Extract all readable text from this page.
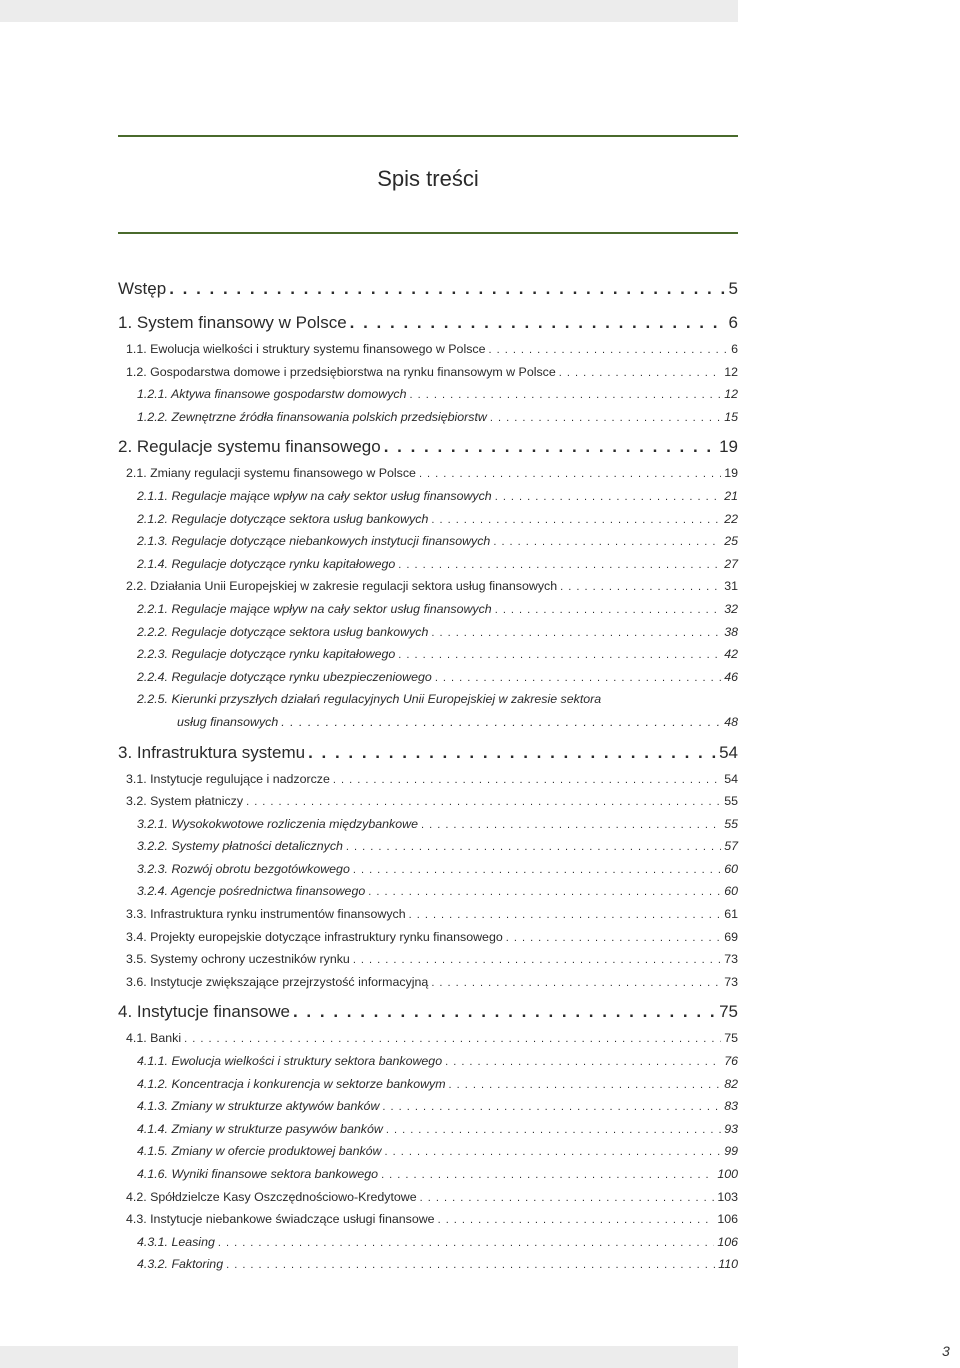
Spis treści
Wstęp . . .	5
1. System finansowy w Polsce . . .	6
1.1. Ewolucja wielkości i struktury systemu finansowego w Polsce . . .	6
1.2. Gospodarstwa domowe i przedsiębiorstwa na rynku finansowym w Polsce . . .	12
1.2.1. Aktywa finansowe gospodarstw domowych . . .	12
1.2.2. Zewnętrzne źródła finansowania polskich przedsiębiorstw . . .	15
2. Regulacje systemu finansowego . . .	19
2.1. Zmiany regulacji systemu finansowego w Polsce . . .	19
2.1.1. Regulacje mające wpływ na cały sektor usług finansowych . . .	21
2.1.2. Regulacje dotyczące sektora usług bankowych . . .	22
2.1.3. Regulacje dotyczące niebankowych instytucji finansowych . . .	25
2.1.4. Regulacje dotyczące rynku kapitałowego . . .	27
2.2. Działania Unii Europejskiej w zakresie regulacji sektora usług finansowych . . .	31
2.2.1. Regulacje mające wpływ na cały sektor usług finansowych . . .	32
2.2.2. Regulacje dotyczące sektora usług bankowych . . .	38
2.2.3. Regulacje dotyczące rynku kapitałowego . . .	42
2.2.4. Regulacje dotyczące rynku ubezpieczeniowego . . .	46
2.2.5. Kierunki przyszłych działań regulacyjnych Unii Europejskiej w zakresie sektora
usług finansowych . . .	48
3. Infrastruktura systemu . . .	54
3.1. Instytucje regulujące i nadzorcze . . .	54
3.2. System płatniczy . . .	55
3.2.1. Wysokokwotowe rozliczenia międzybankowe . . .	55
3.2.2. Systemy płatności detalicznych . . .	57
3.2.3. Rozwój obrotu bezgotówkowego . . .	60
3.2.4. Agencje pośrednictwa finansowego . . .	60
3.3. Infrastruktura rynku instrumentów finansowych . . .	61
3.4. Projekty europejskie dotyczące infrastruktury rynku finansowego . . .	69
3.5. Systemy ochrony uczestników rynku . . .	73
3.6. Instytucje zwiększające przejrzystość informacyjną . . .	73
4. Instytucje finansowe . . .	75
4.1. Banki . . .	75
4.1.1. Ewolucja wielkości i struktury sektora bankowego . . .	76
4.1.2. Koncentracja i konkurencja w sektorze bankowym . . .	82
4.1.3. Zmiany w strukturze aktywów banków . . .	83
4.1.4. Zmiany w strukturze pasywów banków . . .	93
4.1.5. Zmiany w ofercie produktowej banków . . .	99
4.1.6. Wyniki finansowe sektora bankowego . . .	100
4.2. Spółdzielcze Kasy Oszczędnościowo-Kredytowe . . .	103
4.3. Instytucje niebankowe świadczące usługi finansowe . . .	106
4.3.1. Leasing . . .	106
4.3.2. Faktoring . . .	110
3
